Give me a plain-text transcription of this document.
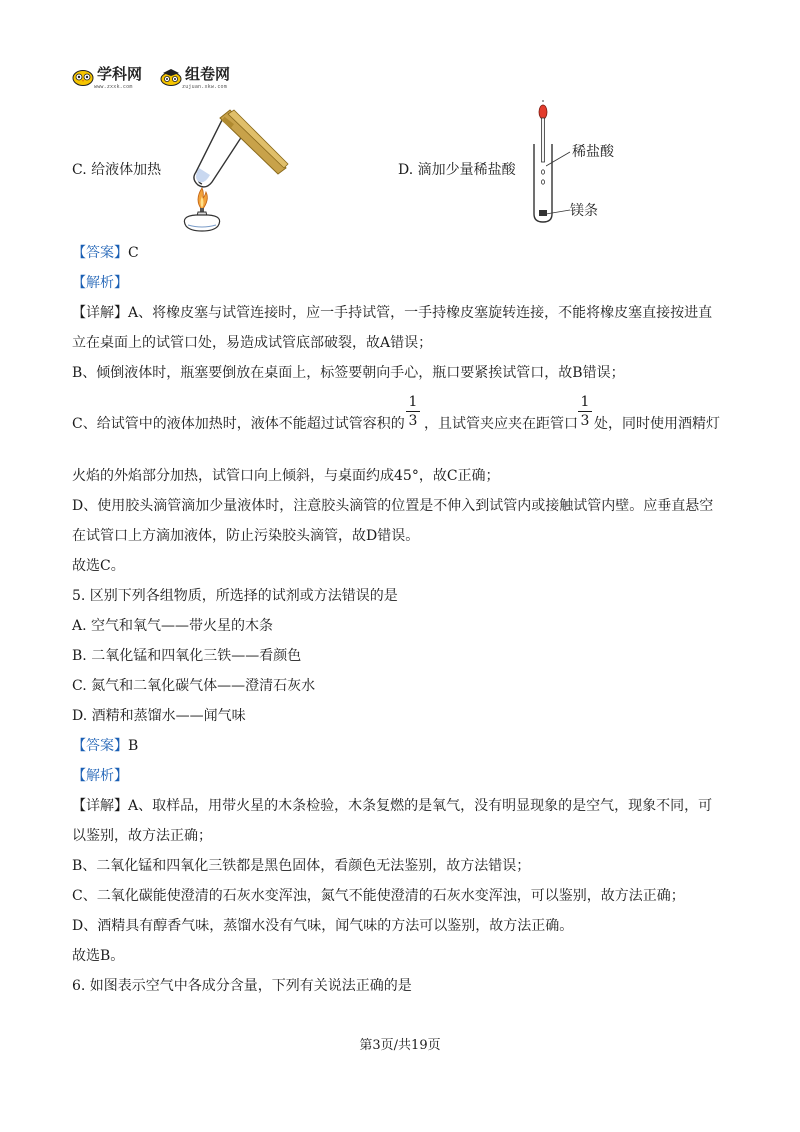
学科网
www.zxxk.com
组卷网
zujuan.xkw.com
C. 给液体加热	D. 滴加少量稀盐酸
稀盐酸
镁条
【答案】C
【解析】
【详解】A、将橡皮塞与试管连接时，应一手持试管，一手持橡皮塞旋转连接，不能将橡皮塞直接按进直
立在桌面上的试管口处，易造成试管底部破裂，故A错误；
B、倾倒液体时，瓶塞要倒放在桌面上，标签要朝向手心，瓶口要紧挨试管口，故B错误；
C、给试管中的液体加热时，液体不能超过试管容积的 $\frac{1}{3}$ ，且试管夹应夹在距管口 $\frac{1}{3}$ 处，同时使用酒精灯
火焰的外焰部分加热，试管口向上倾斜，与桌面约成45°，故C正确；
D、使用胶头滴管滴加少量液体时，注意胶头滴管的位置是不伸入到试管内或接触试管内壁。应垂直悬空
在试管口上方滴加液体，防止污染胶头滴管，故D错误。
故选C。
5. 区别下列各组物质，所选择的试剂或方法错误的是
A. 空气和氧气——带火星的木条
B. 二氧化锰和四氧化三铁——看颜色
C. 氮气和二氧化碳气体——澄清石灰水
D. 酒精和蒸馏水——闻气味
【答案】B
【解析】
【详解】A、取样品，用带火星的木条检验，木条复燃的是氧气，没有明显现象的是空气，现象不同，可
以鉴别，故方法正确；
B、二氧化锰和四氧化三铁都是黑色固体，看颜色无法鉴别，故方法错误；
C、二氧化碳能使澄清的石灰水变浑浊，氮气不能使澄清的石灰水变浑浊，可以鉴别，故方法正确；
D、酒精具有醇香气味，蒸馏水没有气味，闻气味的方法可以鉴别，故方法正确。
故选B。
6. 如图表示空气中各成分含量，下列有关说法正确的是
第3页/共19页
